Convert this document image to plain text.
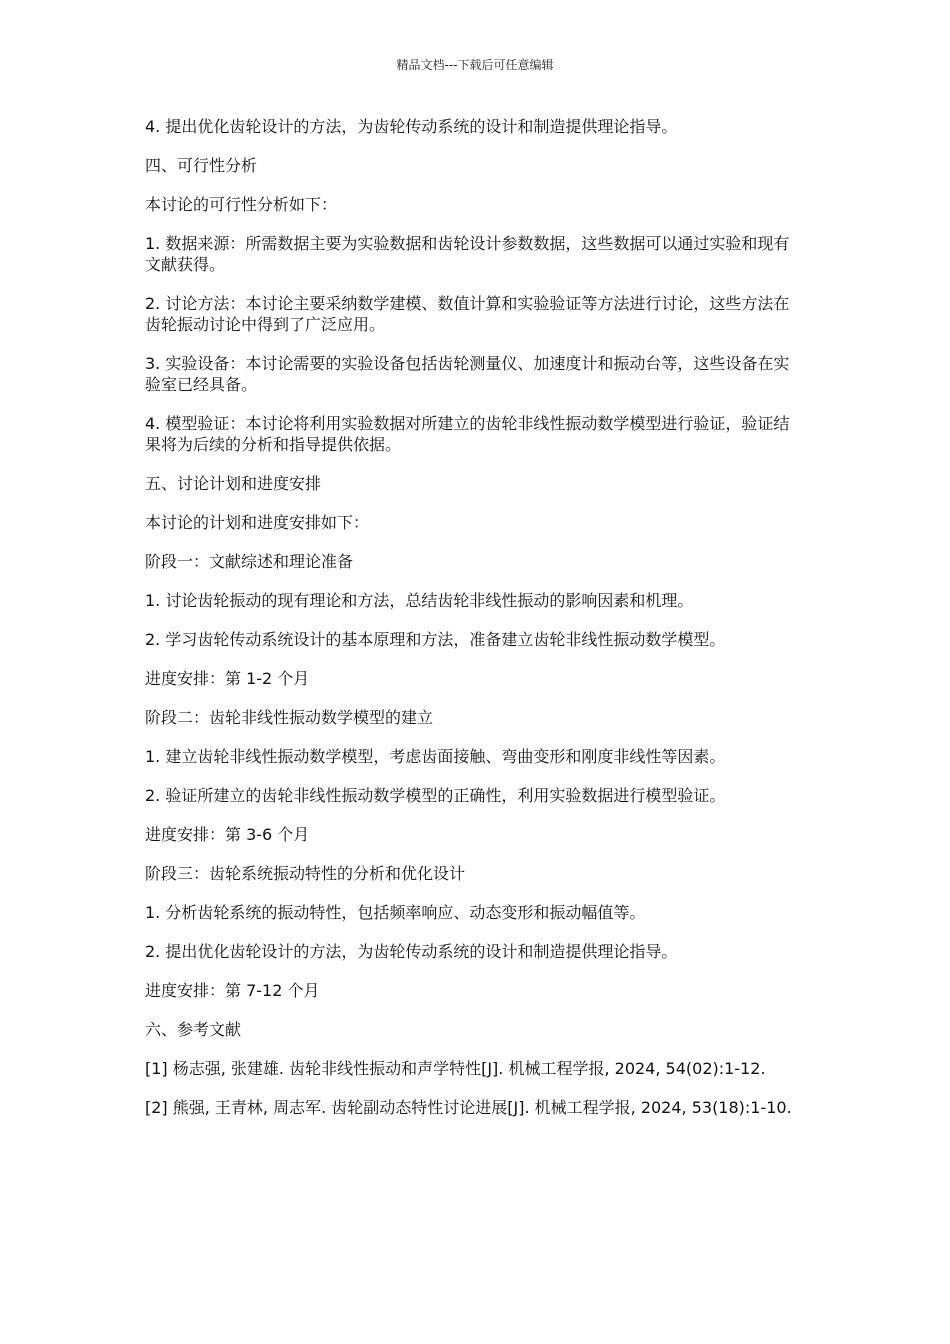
精品文档---下载后可任意编辑

4. 提出优化齿轮设计的方法，为齿轮传动系统的设计和制造提供理论指导。

四、可行性分析

本讨论的可行性分析如下：

1. 数据来源：所需数据主要为实验数据和齿轮设计参数数据，这些数据可以通过实验和现有文献获得。

2. 讨论方法：本讨论主要采纳数学建模、数值计算和实验验证等方法进行讨论，这些方法在齿轮振动讨论中得到了广泛应用。

3. 实验设备：本讨论需要的实验设备包括齿轮测量仪、加速度计和振动台等，这些设备在实验室已经具备。

4. 模型验证：本讨论将利用实验数据对所建立的齿轮非线性振动数学模型进行验证，验证结果将为后续的分析和指导提供依据。

五、讨论计划和进度安排

本讨论的计划和进度安排如下：

阶段一：文献综述和理论准备

1. 讨论齿轮振动的现有理论和方法，总结齿轮非线性振动的影响因素和机理。

2. 学习齿轮传动系统设计的基本原理和方法，准备建立齿轮非线性振动数学模型。

进度安排：第 1-2 个月

阶段二：齿轮非线性振动数学模型的建立

1. 建立齿轮非线性振动数学模型，考虑齿面接触、弯曲变形和刚度非线性等因素。

2. 验证所建立的齿轮非线性振动数学模型的正确性，利用实验数据进行模型验证。

进度安排：第 3-6 个月

阶段三：齿轮系统振动特性的分析和优化设计

1. 分析齿轮系统的振动特性，包括频率响应、动态变形和振动幅值等。

2. 提出优化齿轮设计的方法，为齿轮传动系统的设计和制造提供理论指导。

进度安排：第 7-12 个月

六、参考文献

[1] 杨志强, 张建雄. 齿轮非线性振动和声学特性[J]. 机械工程学报, 2024, 54(02):1-12.

[2] 熊强, 王青林, 周志军. 齿轮副动态特性讨论进展[J]. 机械工程学报, 2024, 53(18):1-10.
